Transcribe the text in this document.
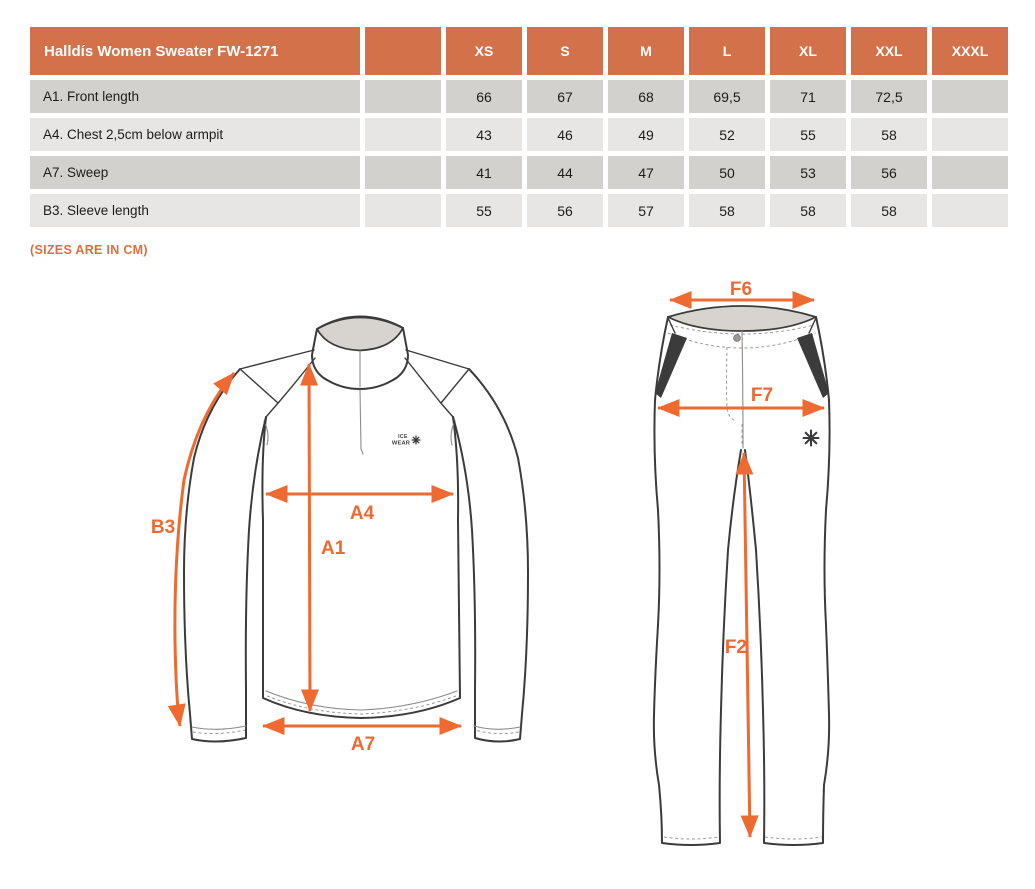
Halldís Women Sweater FW-1271	XS	S	M	L	XL	XXL	XXXL
A1. Front length	66	67	68	69,5	71	72,5
A4. Chest 2,5cm below armpit	43	46	49	52	55	58
A7. Sweep	41	44	47	50	53	56
B3. Sleeve length	55	56	57	58	58	58
(SIZES ARE IN CM)
ICE
WEAR
B3
A4
A1
A7
F6
F7
F2
